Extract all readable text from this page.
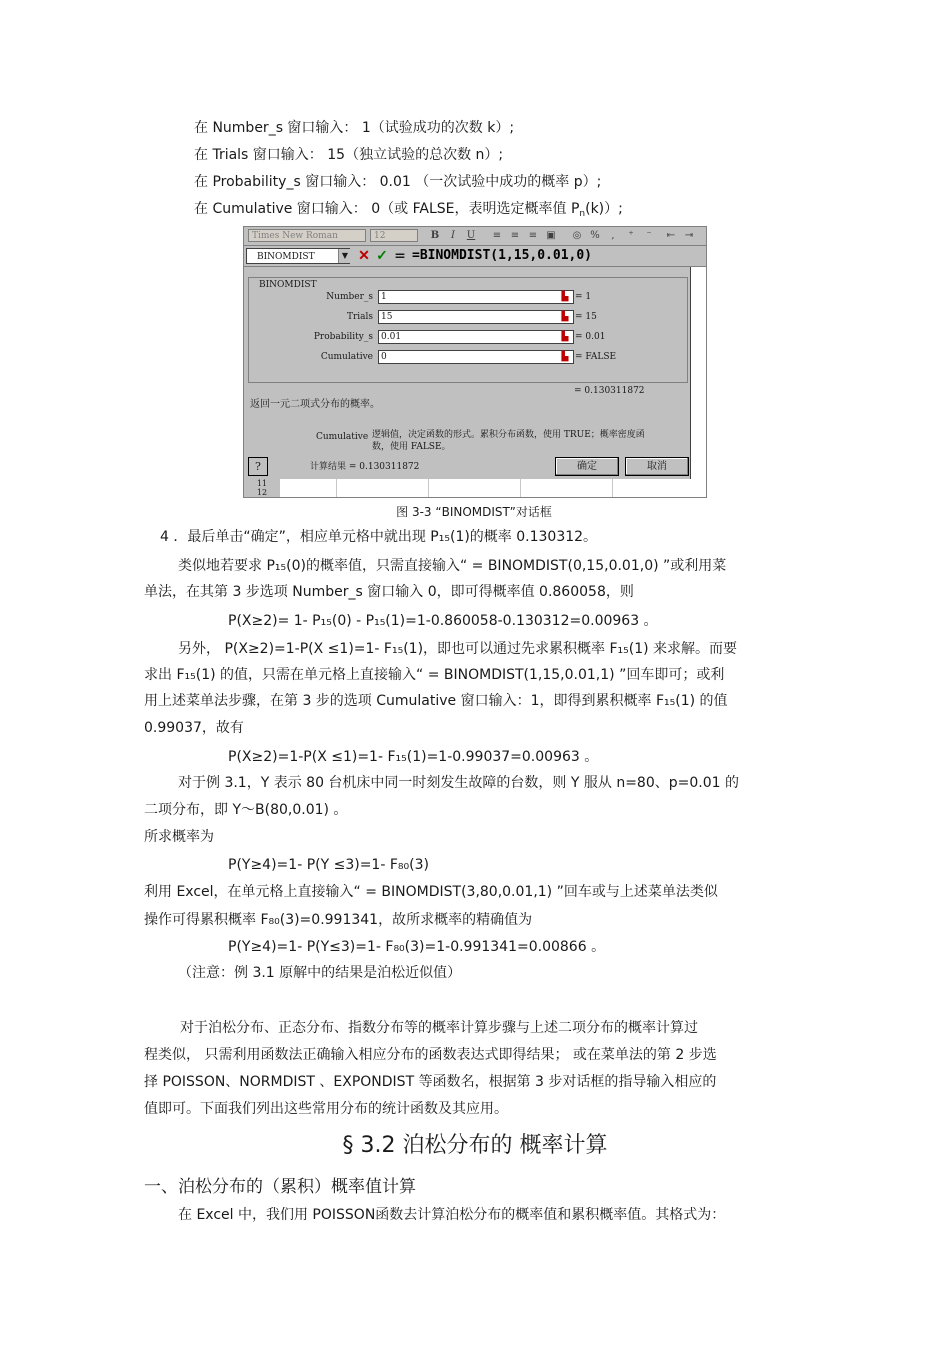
在 Number_s 窗口输入： 1（试验成功的次数 k）;
在 Trials 窗口输入： 15（独立试验的总次数 n）;
在 Probability_s 窗口输入： 0.01 （一次试验中成功的概率 p）;
在 Cumulative 窗口输入： 0（或 FALSE，表明选定概率值 $P_n(k)$）;
Times New Roman	12	B	I	U ≡ ≡ ≡ ▣ ◎ %	,	⁺	⁻	⇤ ⇥
BINOMDIST	▼ ✕ ✓ = =BINOMDIST(1,15,0.01,0)
BINOMDIST
Number_s 1	▙ = 1
Trials 15	▙ = 15
Probability_s 0.01	▙ = 0.01
Cumulative 0	▙ = FALSE
= 0.130311872
返回一元二项式分布的概率。
Cumulative 逻辑值，决定函数的形式。累积分布函数，使用 TRUE；概率密度函
数，使用 FALSE。
?	计算结果 = 0.130311872	确定	取消
11
12
图 3-3 “BINOMDIST”对话框
4 ．最后单击“确定”，相应单元格中就出现 P₁₅(1)的概率 0.130312。
类似地若要求 P₁₅(0)的概率值，只需直接输入“ = BINOMDIST(0,15,0.01,0) ”或利用菜
单法，在其第 3 步选项 Number_s 窗口输入 0，即可得概率值 0.860058，则
P(X≥2)= 1- P₁₅(0) - P₁₅(1)=1-0.860058-0.130312=0.00963 。
另外， P(X≥2)=1-P(X ≤1)=1- F₁₅(1)，即也可以通过先求累积概率 F₁₅(1) 来求解。而要
求出 F₁₅(1) 的值，只需在单元格上直接输入“ = BINOMDIST(1,15,0.01,1) ”回车即可；或利
用上述菜单法步骤，在第 3 步的选项 Cumulative 窗口输入：1，即得到累积概率 F₁₅(1) 的值
0.99037，故有
P(X≥2)=1-P(X ≤1)=1- F₁₅(1)=1-0.99037=0.00963 。
对于例 3.1，Y 表示 80 台机床中同一时刻发生故障的台数，则 Y 服从 n=80、p=0.01 的
二项分布，即 Y～B(80,0.01) 。
所求概率为
P(Y≥4)=1- P(Y ≤3)=1- F₈₀(3)
利用 Excel，在单元格上直接输入“ = BINOMDIST(3,80,0.01,1) ”回车或与上述菜单法类似
操作可得累积概率 F₈₀(3)=0.991341，故所求概率的精确值为
P(Y≥4)=1- P(Y≤3)=1- F₈₀(3)=1-0.991341=0.00866 。
（注意：例 3.1 原解中的结果是泊松近似值）
对于泊松分布、正态分布、指数分布等的概率计算步骤与上述二项分布的概率计算过
程类似， 只需利用函数法正确输入相应分布的函数表达式即得结果； 或在菜单法的第 2 步选
择 POISSON、NORMDIST 、EXPONDIST 等函数名，根据第 3 步对话框的指导输入相应的
值即可。下面我们列出这些常用分布的统计函数及其应用。
§ 3.2 泊松分布的 概率计算
一、泊松分布的（累积）概率值计算
在 Excel 中，我们用 POISSON函数去计算泊松分布的概率值和累积概率值。其格式为：
